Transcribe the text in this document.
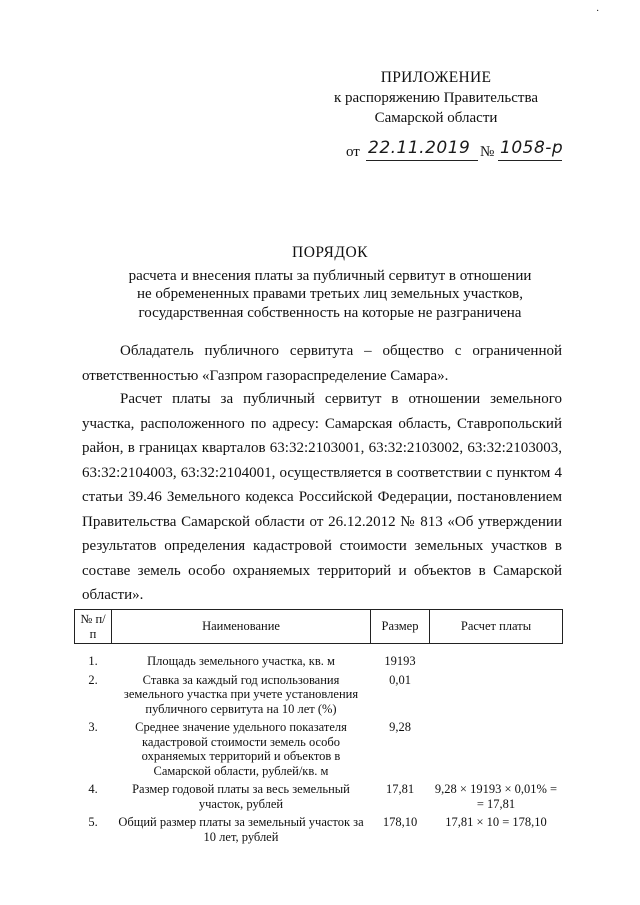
·
ПРИЛОЖЕНИЕ
к распоряжению Правительства
Самарской области
от 22.11.2019 № 1058-р
ПОРЯДОК
расчета и внесения платы за публичный сервитут в отношении
не обремененных правами третьих лиц земельных участков,
государственная собственность на которые не разграничена
Обладатель публичного сервитута – общество с ограниченной ответственностью «Газпром газораспределение Самара».
Расчет платы за публичный сервитут в отношении земельного участка, расположенного по адресу: Самарская область, Ставропольский район, в границах кварталов 63:32:2103001, 63:32:2103002, 63:32:2103003, 63:32:2104003, 63:32:2104001, осуществляется в соответствии с пунктом 4 статьи 39.46 Земельного кодекса Российской Федерации, постановлением Правительства Самарской области от 26.12.2012 № 813 «Об утверждении результатов определения кадастровой стоимости земельных участков в составе земель особо охраняемых территорий и объектов в Самарской области».
№ п/п	Наименование	Размер	Расчет платы
1.	Площадь земельного участка, кв. м	19193	
2.	Ставка за каждый год использования земельного участка при учете установления публичного сервитута на 10 лет (%)	0,01	
3.	Среднее значение удельного показателя кадастровой стоимости земель особо охраняемых территорий и объектов в Самарской области, рублей/кв. м	9,28	
4.	Размер годовой платы за весь земельный участок, рублей	17,81	9,28 × 19193 × 0,01% = = 17,81
5.	Общий размер платы за земельный участок за 10 лет, рублей	178,10	17,81 × 10 = 178,10
